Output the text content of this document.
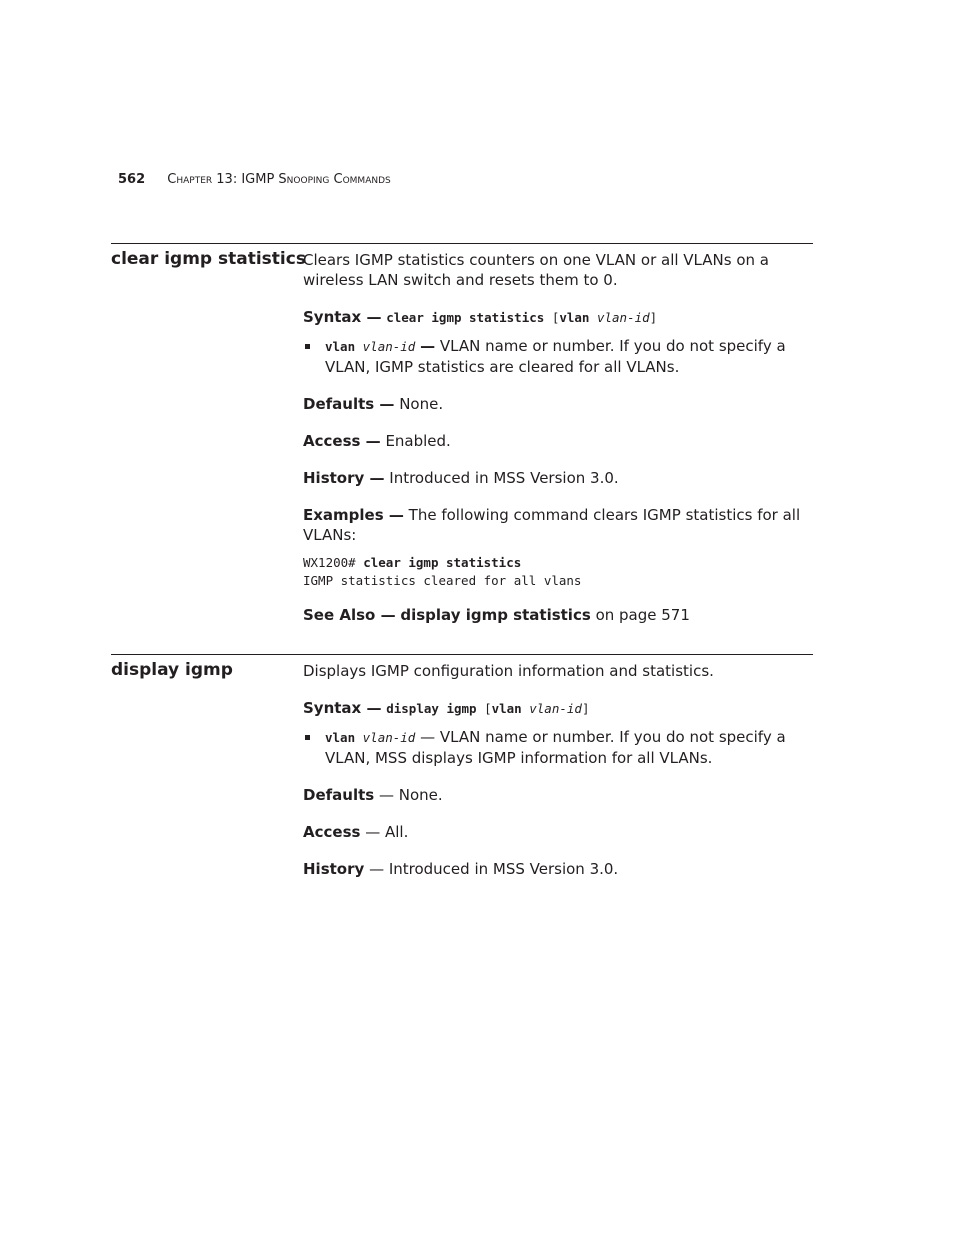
562 Chapter 13: IGMP Snooping Commands
clear igmp statistics

Clears IGMP statistics counters on one VLAN or all VLANs on a wireless LAN switch and resets them to 0.

Syntax — clear igmp statistics [vlan vlan-id]

vlan vlan-id — VLAN name or number. If you do not specify a VLAN, IGMP statistics are cleared for all VLANs.

Defaults — None.

Access — Enabled.

History — Introduced in MSS Version 3.0.

Examples — The following command clears IGMP statistics for all VLANs:

WX1200# clear igmp statistics

IGMP statistics cleared for all vlans

See Also — display igmp statistics on page 571

display igmp	Displays IGMP configuration information and statistics.

Syntax — display igmp [vlan vlan-id]

vlan vlan-id — VLAN name or number. If you do not specify a VLAN, MSS displays IGMP information for all VLANs.

Defaults — None.

Access — All.

History — Introduced in MSS Version 3.0.
